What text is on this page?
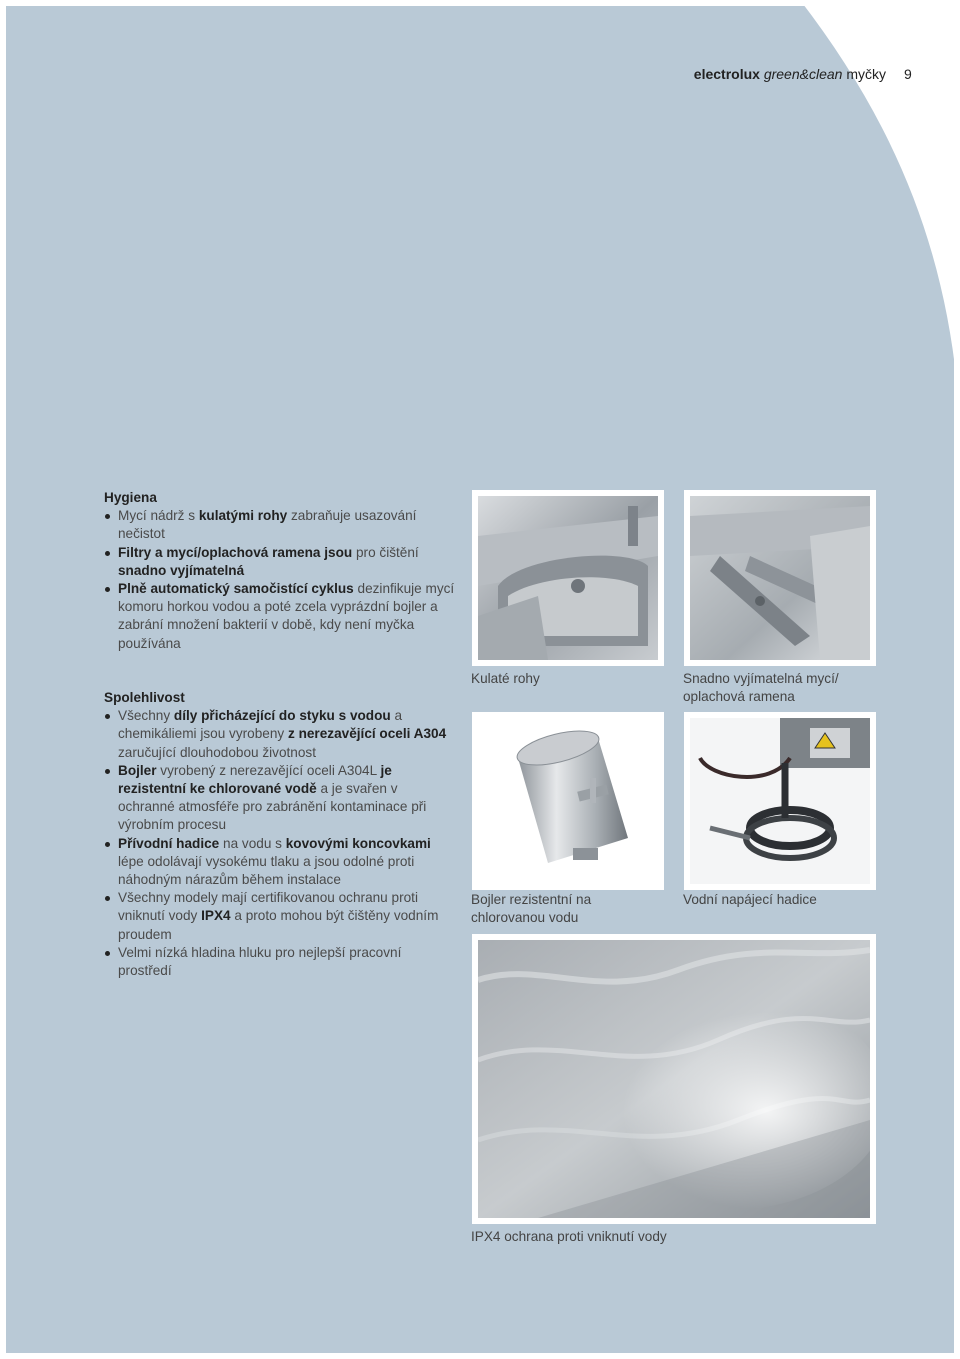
electrolux green&clean myčky 9
Hygiena
Mycí nádrž s kulatými rohy zabraňuje usazování nečistot
Filtry a mycí/oplachová ramena jsou pro čištění snadno vyjímatelná
Plně automatický samočistící cyklus dezinfikuje mycí komoru horkou vodou a poté zcela vyprázdní bojler a zabrání množení bakterií v době, kdy není myčka používána
Spolehlivost
Všechny díly přicházející do styku s vodou a chemikáliemi jsou vyrobeny z nerezavějící oceli A304 zaručující dlouhodobou životnost
Bojler vyrobený z nerezavějící oceli A304L je rezistentní ke chlorované vodě a je svařen v ochranné atmosféře pro zabránění kontaminace při výrobním procesu
Přívodní hadice na vodu s kovovými koncovkami lépe odolávají vysokému tlaku a jsou odolné proti náhodným nárazům během instalace
Všechny modely mají certifikovanou ochranu proti vniknutí vody IPX4 a proto mohou být čištěny vodním proudem
Velmi nízká hladina hluku pro nejlepší pracovní prostředí
Kulaté rohy	Snadno vyjímatelná mycí/ oplachová ramena
Bojler rezistentní na chlorovanou vodu
Vodní napájecí hadice
IPX4 ochrana proti vniknutí vody
